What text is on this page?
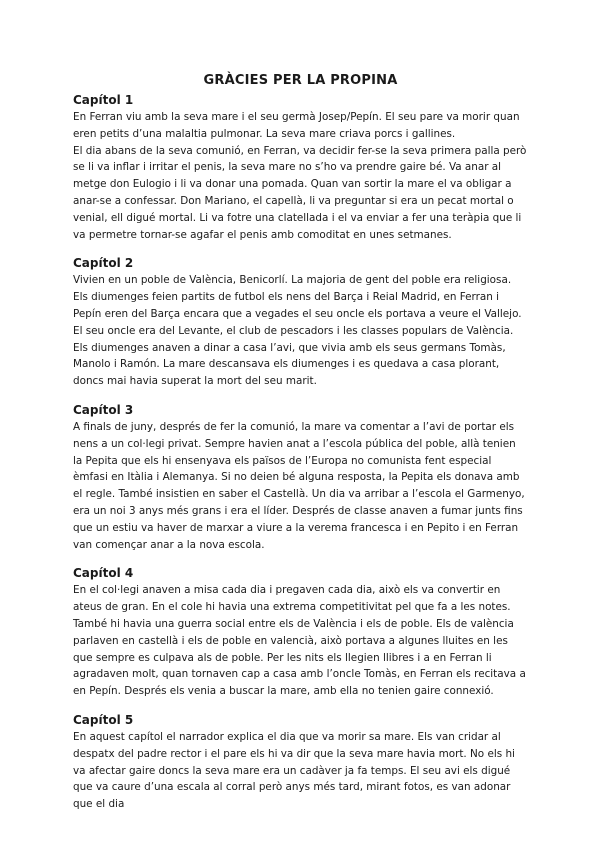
GRÀCIES PER LA PROPINA
Capítol 1

En Ferran viu amb la seva mare i el seu germà Josep/Pepín. El seu pare va morir quan eren petits d’una malaltia pulmonar. La seva mare criava porcs i gallines.

El dia abans de la seva comunió, en Ferran, va decidir fer-se la seva primera palla però se li va inflar i irritar el penis, la seva mare no s’ho va prendre gaire bé. Va anar al metge don Eulogio i li va donar una pomada. Quan van sortir la mare el va obligar a anar-se a confessar. Don Mariano, el capellà, li va preguntar si era un pecat mortal o venial, ell digué mortal. Li va fotre una clatellada i el va enviar a fer una teràpia que li va permetre tornar-se agafar el penis amb comoditat en unes setmanes.

Capítol 2

Vivien en un poble de València, Benicorlí. La majoria de gent del poble era religiosa. Els diumenges feien partits de futbol els nens del Barça i Reial Madrid, en Ferran i Pepín eren del Barça encara que a vegades el seu oncle els portava a veure el Vallejo. El seu oncle era del Levante, el club de pescadors i les classes populars de València.

Els diumenges anaven a dinar a casa l’avi, que vivia amb els seus germans Tomàs, Manolo i Ramón. La mare descansava els diumenges i es quedava a casa plorant, doncs mai havia superat la mort del seu marit.

Capítol 3

A finals de juny, després de fer la comunió, la mare va comentar a l’avi de portar els nens a un col·legi privat. Sempre havien anat a l’escola pública del poble, allà tenien la Pepita que els hi ensenyava els països de l’Europa no comunista fent especial èmfasi en Itàlia i Alemanya. Si no deien bé alguna resposta, la Pepita els donava amb el regle. També insistien en saber el Castellà. Un dia va arribar a l’escola el Garmenyo, era un noi 3 anys més grans i era el líder. Després de classe anaven a fumar junts fins que un estiu va haver de marxar a viure a la verema francesca i en Pepito i en Ferran van començar anar a la nova escola.

Capítol 4

En el col·legi anaven a misa cada dia i pregaven cada dia, això els va convertir en ateus de gran. En el cole hi havia una extrema competitivitat pel que fa a les notes. També hi havia una guerra social entre els de València i els de poble. Els de valència parlaven en castellà i els de poble en valencià, això portava a algunes lluites en les que sempre es culpava als de poble. Per les nits els llegien llibres i a en Ferran li agradaven molt, quan tornaven cap a casa amb l’oncle Tomàs, en Ferran els recitava a en Pepín. Després els venia a buscar la mare, amb ella no tenien gaire connexió.

Capítol 5

En aquest capítol el narrador explica el dia que va morir sa mare. Els van cridar al despatx del padre rector i el pare els hi va dir que la seva mare havia mort. No els hi va afectar gaire doncs la seva mare era un cadàver ja fa temps. El seu avi els digué que va caure d’una escala al corral però anys més tard, mirant fotos, es van adonar que el dia
